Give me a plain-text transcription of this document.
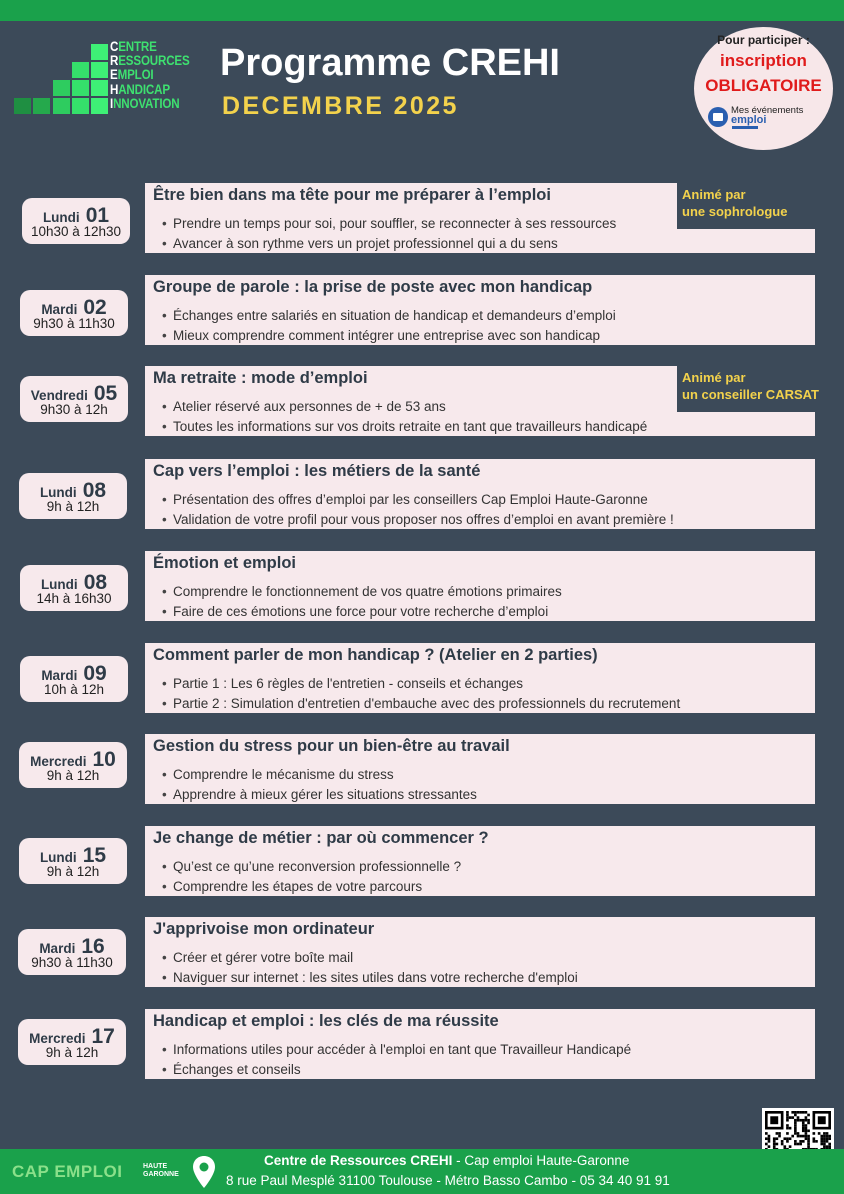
CENTRE
RESSOURCES
EMPLOI
HANDICAP
INNOVATION
Programme CREHI
DECEMBRE 2025
Pour participer :
inscription
OBLIGATOIRE
Mes événements
emploi
Être bien dans ma tête pour me préparer à l’emploi
• Prendre un temps pour soi, pour souffler, se reconnecter à ses ressources
• Avancer à son rythme vers un projet professionnel qui a du sens
Lundi 01
10h30 à 12h30
Animé par
une sophrologue
Groupe de parole : la prise de poste avec mon handicap
• Échanges entre salariés en situation de handicap et demandeurs d’emploi
• Mieux comprendre comment intégrer une entreprise avec son handicap
Mardi 02
9h30 à 11h30
Ma retraite : mode d’emploi
• Atelier réservé aux personnes de + de 53 ans
• Toutes les informations sur vos droits retraite en tant que travailleurs handicapé
Vendredi 05
9h30 à 12h
Animé par
un conseiller CARSAT
Cap vers l’emploi : les métiers de la santé
• Présentation des offres d’emploi par les conseillers Cap Emploi Haute-Garonne
• Validation de votre profil pour vous proposer nos offres d’emploi en avant première !
Lundi 08
9h à 12h
Émotion et emploi
• Comprendre le fonctionnement de vos quatre émotions primaires
• Faire de ces émotions une force pour votre recherche d’emploi
Lundi 08
14h à 16h30
Comment parler de mon handicap ? (Atelier en 2 parties)
• Partie 1 : Les 6 règles de l'entretien - conseils et échanges
• Partie 2 : Simulation d'entretien d'embauche avec des professionnels du recrutement
Mardi 09
10h à 12h
Gestion du stress pour un bien-être au travail
• Comprendre le mécanisme du stress
• Apprendre à mieux gérer les situations stressantes
Mercredi 10
9h à 12h
Je change de métier : par où commencer ?
• Qu’est ce qu’une reconversion professionnelle ?
• Comprendre les étapes de votre parcours
Lundi 15
9h à 12h
J'apprivoise mon ordinateur
• Créer et gérer votre boîte mail
• Naviguer sur internet : les sites utiles dans votre recherche d'emploi
Mardi 16
9h30 à 11h30
Handicap et emploi : les clés de ma réussite
• Informations utiles pour accéder à l'emploi en tant que Travailleur Handicapé
• Échanges et conseils
Mercredi 17
9h à 12h
CAP EMPLOI	HAUTE
GARONNE
Centre de Ressources CREHI - Cap emploi Haute-Garonne
8 rue Paul Mesplé 31100 Toulouse - Métro Basso Cambo - 05 34 40 91 91
